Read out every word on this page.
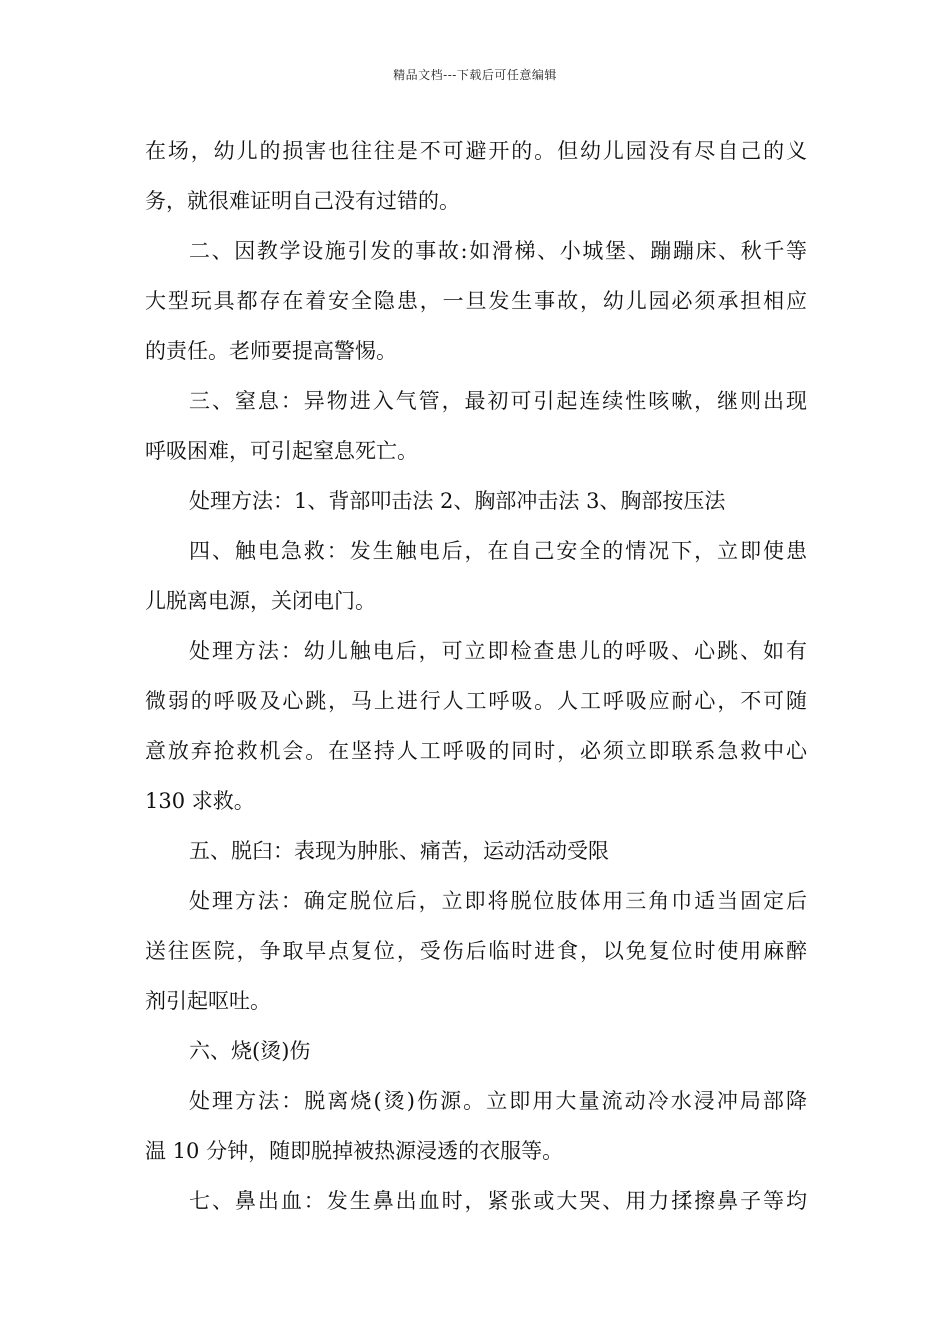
精品文档---下载后可任意编辑
在场，幼儿的损害也往往是不可避开的。但幼儿园没有尽自己的义
务，就很难证明自己没有过错的。
二、因教学设施引发的事故:如滑梯、小城堡、蹦蹦床、秋千等
大型玩具都存在着安全隐患，一旦发生事故，幼儿园必须承担相应
的责任。老师要提高警惕。
三、窒息：异物进入气管，最初可引起连续性咳嗽，继则出现
呼吸困难，可引起窒息死亡。
处理方法：1、背部叩击法 2、胸部冲击法 3、胸部按压法
四、触电急救：发生触电后，在自己安全的情况下，立即使患
儿脱离电源，关闭电门。
处理方法：幼儿触电后，可立即检查患儿的呼吸、心跳、如有
微弱的呼吸及心跳，马上进行人工呼吸。人工呼吸应耐心，不可随
意放弃抢救机会。在坚持人工呼吸的同时，必须立即联系急救中心
130 求救。
五、脱臼：表现为肿胀、痛苦，运动活动受限
处理方法：确定脱位后，立即将脱位肢体用三角巾适当固定后
送往医院，争取早点复位，受伤后临时进食，以免复位时使用麻醉
剂引起呕吐。
六、烧(烫)伤
处理方法：脱离烧(烫)伤源。立即用大量流动冷水浸冲局部降
温 10 分钟，随即脱掉被热源浸透的衣服等。
七、鼻出血：发生鼻出血时，紧张或大哭、用力揉擦鼻子等均
